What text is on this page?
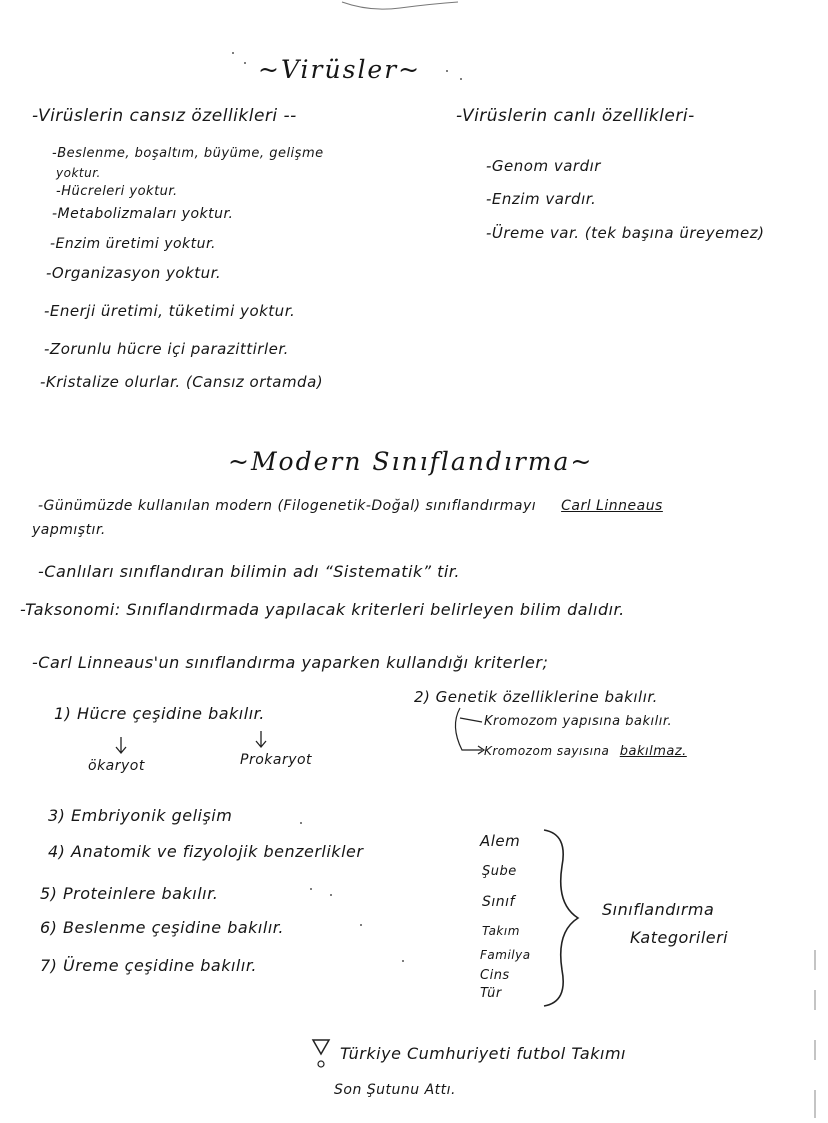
~Virüsler~
-Virüslerin cansız özellikleri --	-Virüslerin canlı özellikleri-
-Beslenme, boşaltım, büyüme, gelişme
yoktur.
-Hücreleri yoktur.
-Metabolizmaları yoktur.
-Enzim üretimi yoktur.
-Organizasyon yoktur.
-Enerji üretimi, tüketimi yoktur.
-Zorunlu hücre içi parazittirler.
-Kristalize olurlar. (Cansız ortamda)
-Genom vardır
-Enzim vardır.
-Üreme var. (tek başına üreyemez)
~Modern Sınıflandırma~
-Günümüzde kullanılan modern (Filogenetik-Doğal) sınıflandırmayı Carl Linneaus
yapmıştır.
-Canlıları sınıflandıran bilimin adı “Sistematik” tir.
-Taksonomi: Sınıflandırmada yapılacak kriterleri belirleyen bilim dalıdır.
-Carl Linneaus'un sınıflandırma yaparken kullandığı kriterler;
1) Hücre çeşidine bakılır.
ökaryot	Prokaryot
2) Genetik özelliklerine bakılır.
Kromozom yapısına bakılır.
Kromozom sayısına bakılmaz.
3) Embriyonik gelişim
4) Anatomik ve fizyolojik benzerlikler
5) Proteinlere bakılır.
6) Beslenme çeşidine bakılır.
7) Üreme çeşidine bakılır.
Alem
Şube
Sınıf
Takım
Familya
Cins
Tür
Sınıflandırma
Kategorileri
Türkiye Cumhuriyeti futbol Takımı
Son Şutunu Attı.
